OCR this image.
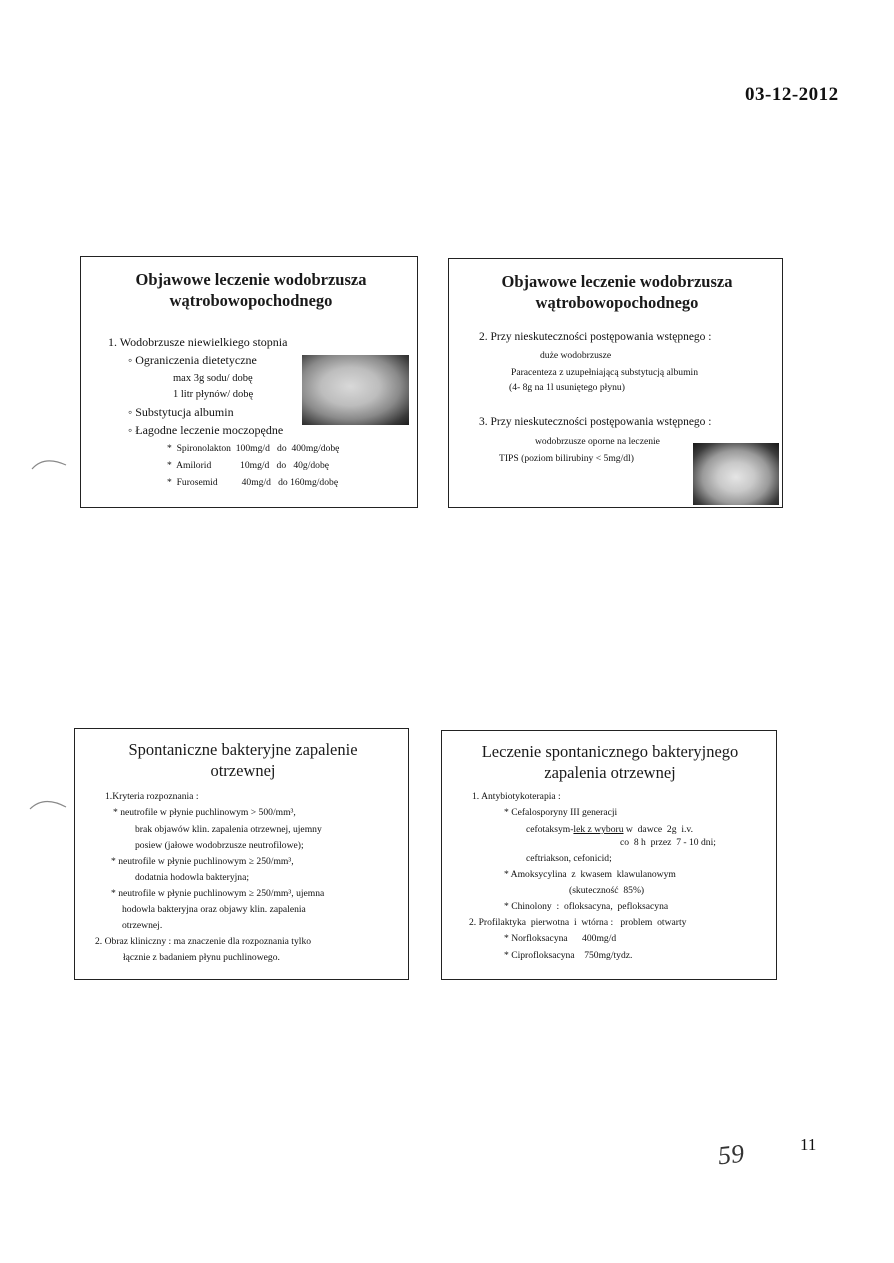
03-12-2012
Objawowe leczenie wodobrzusza wątrobowopochodnego
1. Wodobrzusze niewielkiego stopnia
◦ Ograniczenia dietetyczne
max 3g sodu/ dobę
1 litr płynów/ dobę
◦ Substytucja albumin
◦ Łagodne leczenie moczopędne
*  Spironolakton  100mg/d   do  400mg/dobę
*  Amilorid            10mg/d   do   40g/dobę
*  Furosemid          40mg/d   do 160mg/dobę
Objawowe leczenie wodobrzusza wątrobowopochodnego
2. Przy nieskuteczności postępowania wstępnego :
duże wodobrzusze
Paracenteza z uzupełniającą substytucją albumin
(4- 8g na 1l usuniętego płynu)
3. Przy nieskuteczności postępowania wstępnego :
wodobrzusze oporne na leczenie
TIPS (poziom bilirubiny < 5mg/dl)
Spontaniczne bakteryjne zapalenie otrzewnej
1.Kryteria rozpoznania :
* neutrofile w płynie puchlinowym > 500/mm³,
brak objawów klin. zapalenia otrzewnej, ujemny
posiew (jałowe wodobrzusze neutrofilowe);
* neutrofile w płynie puchlinowym ≥ 250/mm³,
dodatnia hodowla bakteryjna;
* neutrofile w płynie puchlinowym ≥ 250/mm³, ujemna
hodowla bakteryjna oraz objawy klin. zapalenia
otrzewnej.
2. Obraz kliniczny : ma znaczenie dla rozpoznania tylko
łącznie z badaniem płynu puchlinowego.
Leczenie spontanicznego bakteryjnego zapalenia otrzewnej
1. Antybiotykoterapia :
* Cefalosporyny III generacji
cefotaksym-lek z wyboru w  dawce  2g  i.v.
co  8 h  przez  7 - 10 dni;
ceftriakson, cefonicid;
* Amoksycylina  z  kwasem  klawulanowym
(skuteczność  85%)
* Chinolony  :  ofloksacyna,  pefloksacyna
2. Profilaktyka  pierwotna  i  wtórna :   problem  otwarty
* Norfloksacyna      400mg/d
* Ciprofloksacyna    750mg/tydz.
59	11
